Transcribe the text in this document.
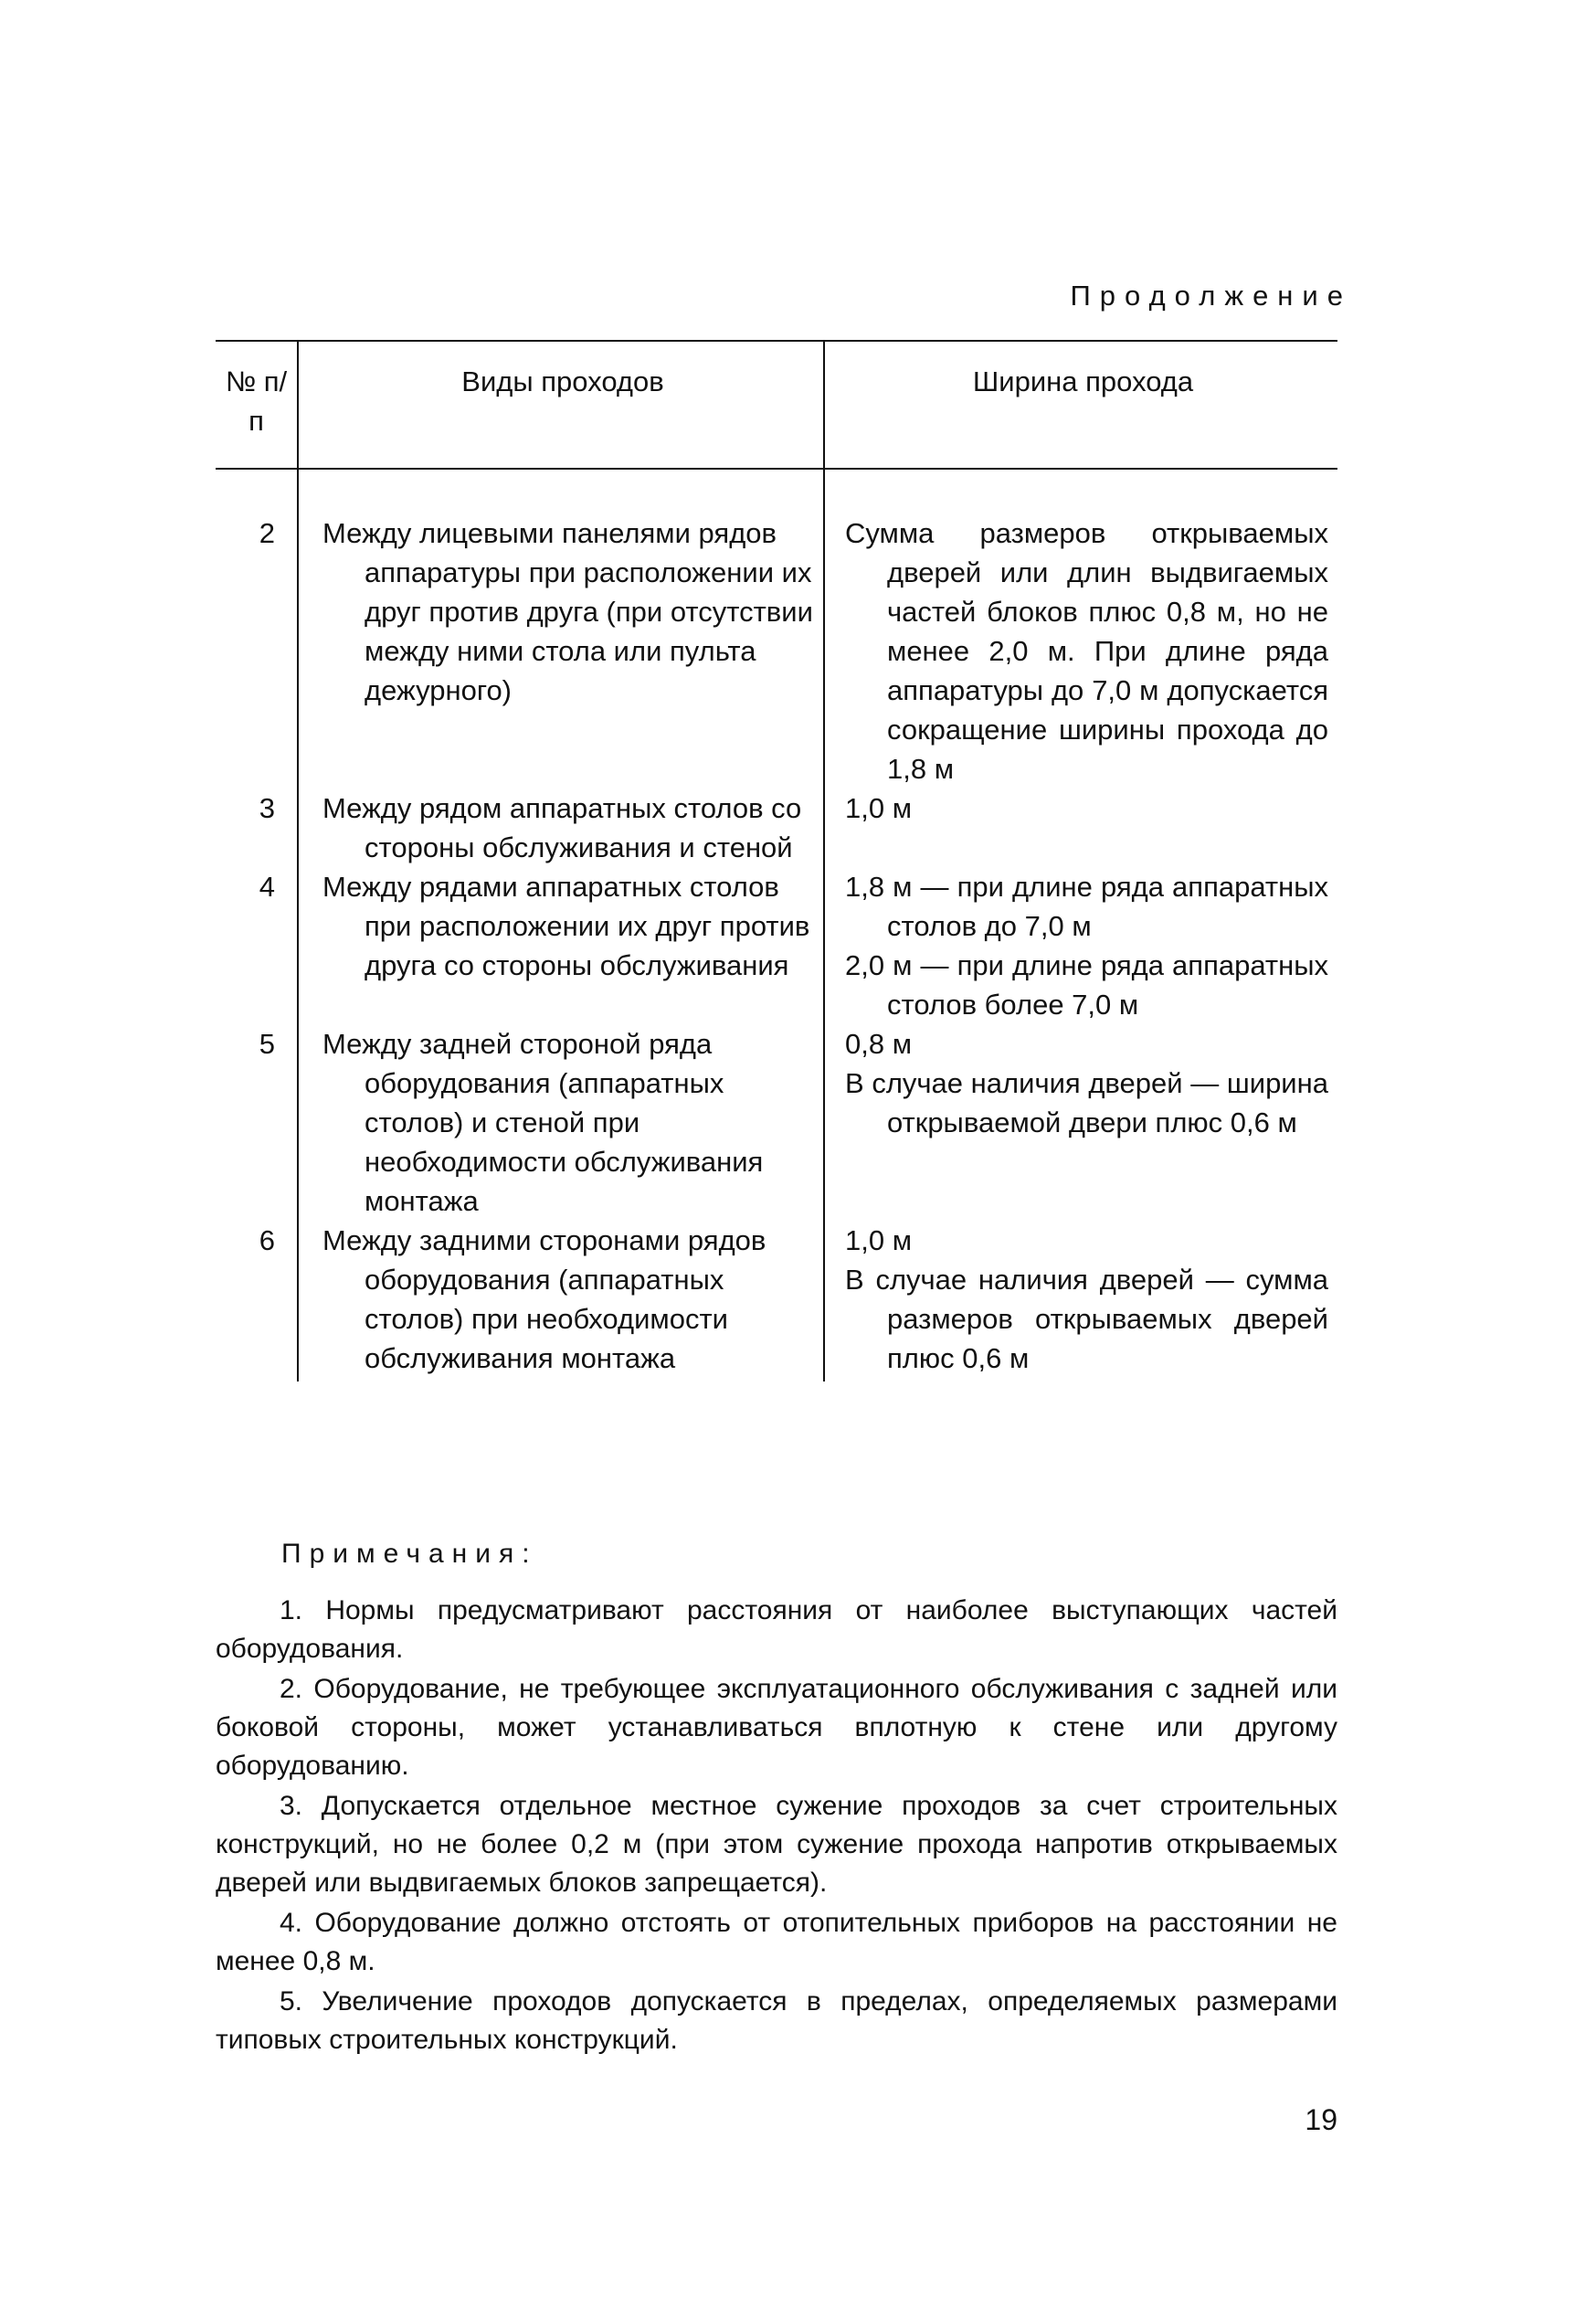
Продолжение

№ п/п	Виды проходов	Ширина прохода
2	Между лицевыми панелями рядов аппаратуры при расположении их друг против друга (при отсутствии между ними стола или пульта дежурного)	Сумма размеров открываемых дверей или длин выдвигаемых частей блоков плюс 0,8 м, но не менее 2,0 м. При длине ряда аппаратуры до 7,0 м допускается сокращение ширины прохода до 1,8 м

3	Между рядом аппаратных столов со стороны обслуживания и стеной	1,0 м

4	Между рядами аппаратных столов при расположении их друг против друга со стороны обслуживания	1,8 м — при длине ряда аппаратных столов до 7,0 м
2,0 м — при длине ряда аппаратных столов более 7,0 м

5	Между задней стороной ряда оборудования (аппаратных столов) и стеной при необходимости обслуживания монтажа	0,8 м
В случае наличия дверей — ширина открываемой двери плюс 0,6 м

6	Между задними сторонами рядов оборудования (аппаратных столов) при необходимости обслуживания монтажа	1,0 м
В случае наличия дверей — сумма размеров открываемых дверей плюс 0,6 м

Примечания:

1. Нормы предусматривают расстояния от наиболее выступающих частей оборудования.

2. Оборудование, не требующее эксплуатационного обслуживания с задней или боковой стороны, может устанавливаться вплотную к стене или другому оборудованию.

3. Допускается отдельное местное сужение проходов за счет строительных конструкций, но не более 0,2 м (при этом сужение прохода напротив открываемых дверей или выдвигаемых блоков запрещается).

4. Оборудование должно отстоять от отопительных приборов на расстоянии не менее 0,8 м.

5. Увеличение проходов допускается в пределах, определяемых размерами типовых строительных конструкций.

19
